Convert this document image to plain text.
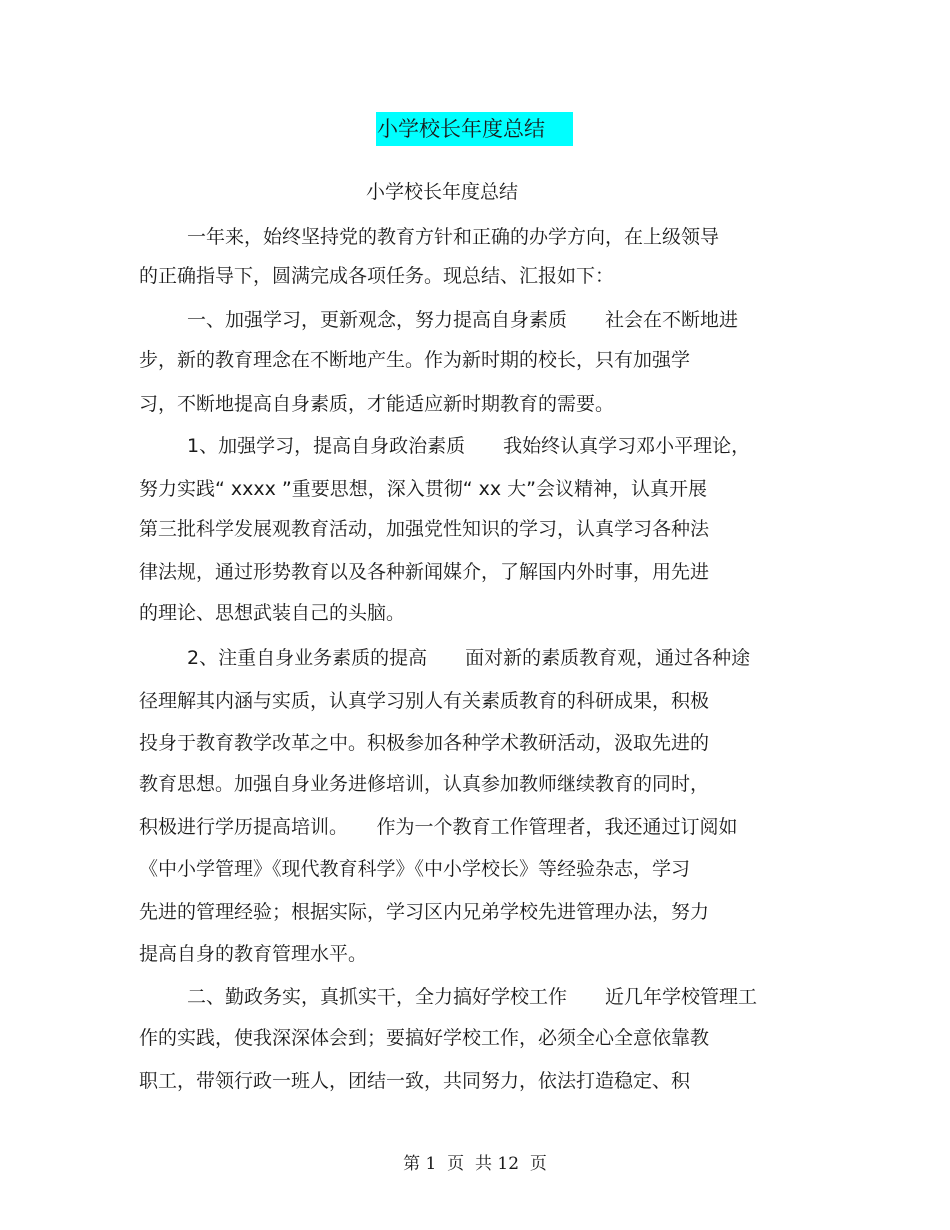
小学校长年度总结
小学校长年度总结
一年来，始终坚持党的教育方针和正确的办学方向，在上级领导
的正确指导下，圆满完成各项任务。现总结、汇报如下：
一、加强学习，更新观念，努力提高自身素质　　社会在不断地进
步，新的教育理念在不断地产生。作为新时期的校长，只有加强学
习，不断地提高自身素质，才能适应新时期教育的需要。
1、加强学习，提高自身政治素质　　我始终认真学习邓小平理论，
努力实践“ xxxx ”重要思想，深入贯彻“ xx 大”会议精神，认真开展
第三批科学发展观教育活动，加强党性知识的学习，认真学习各种法
律法规，通过形势教育以及各种新闻媒介，了解国内外时事，用先进
的理论、思想武装自己的头脑。
2、注重自身业务素质的提高　　面对新的素质教育观，通过各种途
径理解其内涵与实质，认真学习别人有关素质教育的科研成果，积极
投身于教育教学改革之中。积极参加各种学术教研活动，汲取先进的
教育思想。加强自身业务进修培训，认真参加教师继续教育的同时，
积极进行学历提高培训。　　作为一个教育工作管理者，我还通过订阅如
《中小学管理》《现代教育科学》《中小学校长》等经验杂志，学习
先进的管理经验；根据实际，学习区内兄弟学校先进管理办法，努力
提高自身的教育管理水平。
二、勤政务实，真抓实干，全力搞好学校工作　　近几年学校管理工
作的实践，使我深深体会到；要搞好学校工作，必须全心全意依靠教
职工，带领行政一班人，团结一致，共同努力，依法打造稳定、积
第 1  页  共 12  页
